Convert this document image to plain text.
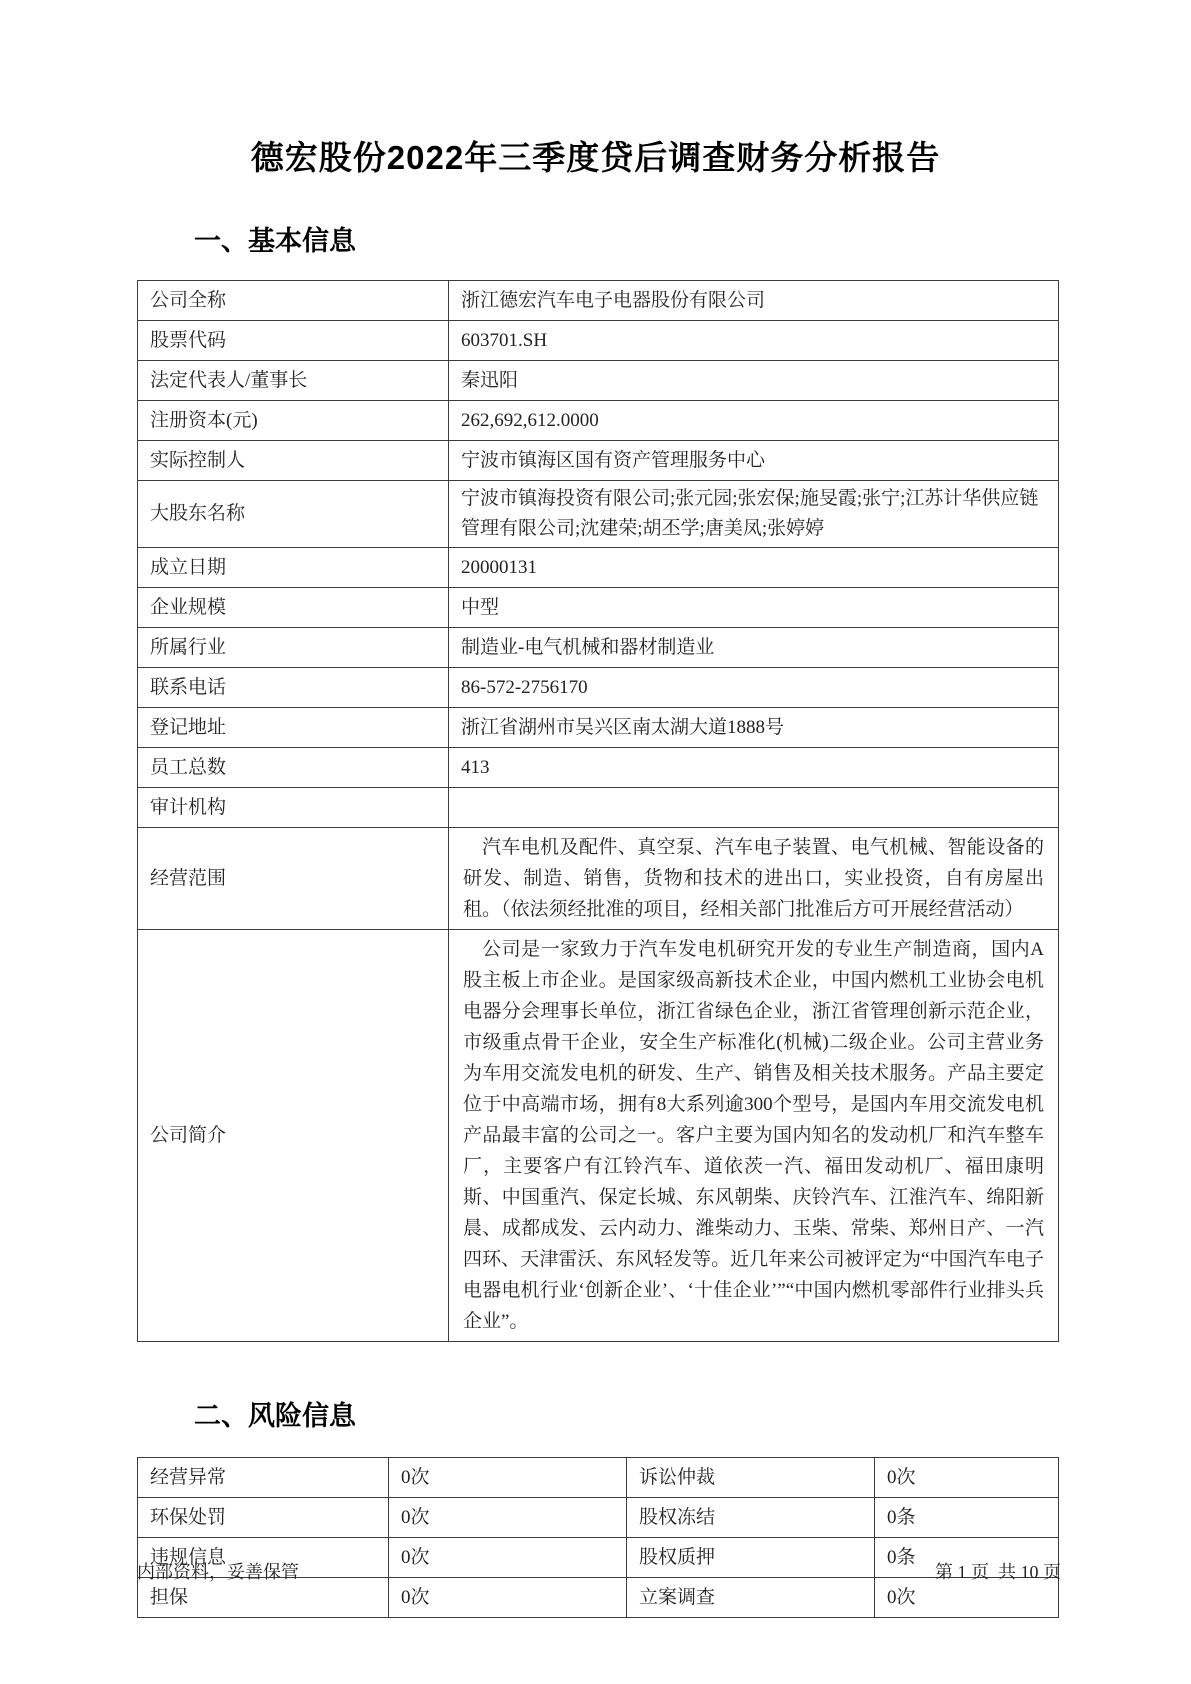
德宏股份2022年三季度贷后调查财务分析报告
一、基本信息
公司全称	浙江德宏汽车电子电器股份有限公司
股票代码	603701.SH
法定代表人/董事长	秦迅阳
注册资本(元)	262,692,612.0000
实际控制人	宁波市镇海区国有资产管理服务中心
大股东名称	宁波市镇海投资有限公司;张元园;张宏保;施旻霞;张宁;江苏计华供应链管理有限公司;沈建荣;胡丕学;唐美凤;张婷婷
成立日期	20000131
企业规模	中型
所属行业	制造业-电气机械和器材制造业
联系电话	86-572-2756170
登记地址	浙江省湖州市吴兴区南太湖大道1888号
员工总数	413
审计机构	
经营范围	汽车电机及配件、真空泵、汽车电子装置、电气机械、智能设备的研发、制造、销售，货物和技术的进出口，实业投资，自有房屋出租。（依法须经批准的项目，经相关部门批准后方可开展经营活动）
公司简介	公司是一家致力于汽车发电机研究开发的专业生产制造商，国内A股主板上市企业。是国家级高新技术企业，中国内燃机工业协会电机电器分会理事长单位，浙江省绿色企业，浙江省管理创新示范企业，市级重点骨干企业，安全生产标准化(机械)二级企业。公司主营业务为车用交流发电机的研发、生产、销售及相关技术服务。产品主要定位于中高端市场，拥有8大系列逾300个型号，是国内车用交流发电机产品最丰富的公司之一。客户主要为国内知名的发动机厂和汽车整车厂，主要客户有江铃汽车、道依茨一汽、福田发动机厂、福田康明斯、中国重汽、保定长城、东风朝柴、庆铃汽车、江淮汽车、绵阳新晨、成都成发、云内动力、潍柴动力、玉柴、常柴、郑州日产、一汽四环、天津雷沃、东风轻发等。近几年来公司被评定为“中国汽车电子电器电机行业‘创新企业’、‘十佳企业’”“中国内燃机零部件行业排头兵企业”。
二、风险信息
经营异常	0次	诉讼仲裁	0次
环保处罚	0次	股权冻结	0条
违规信息	0次	股权质押	0条
担保	0次	立案调查	0次
内部资料，妥善保管	第 1 页  共 10 页
